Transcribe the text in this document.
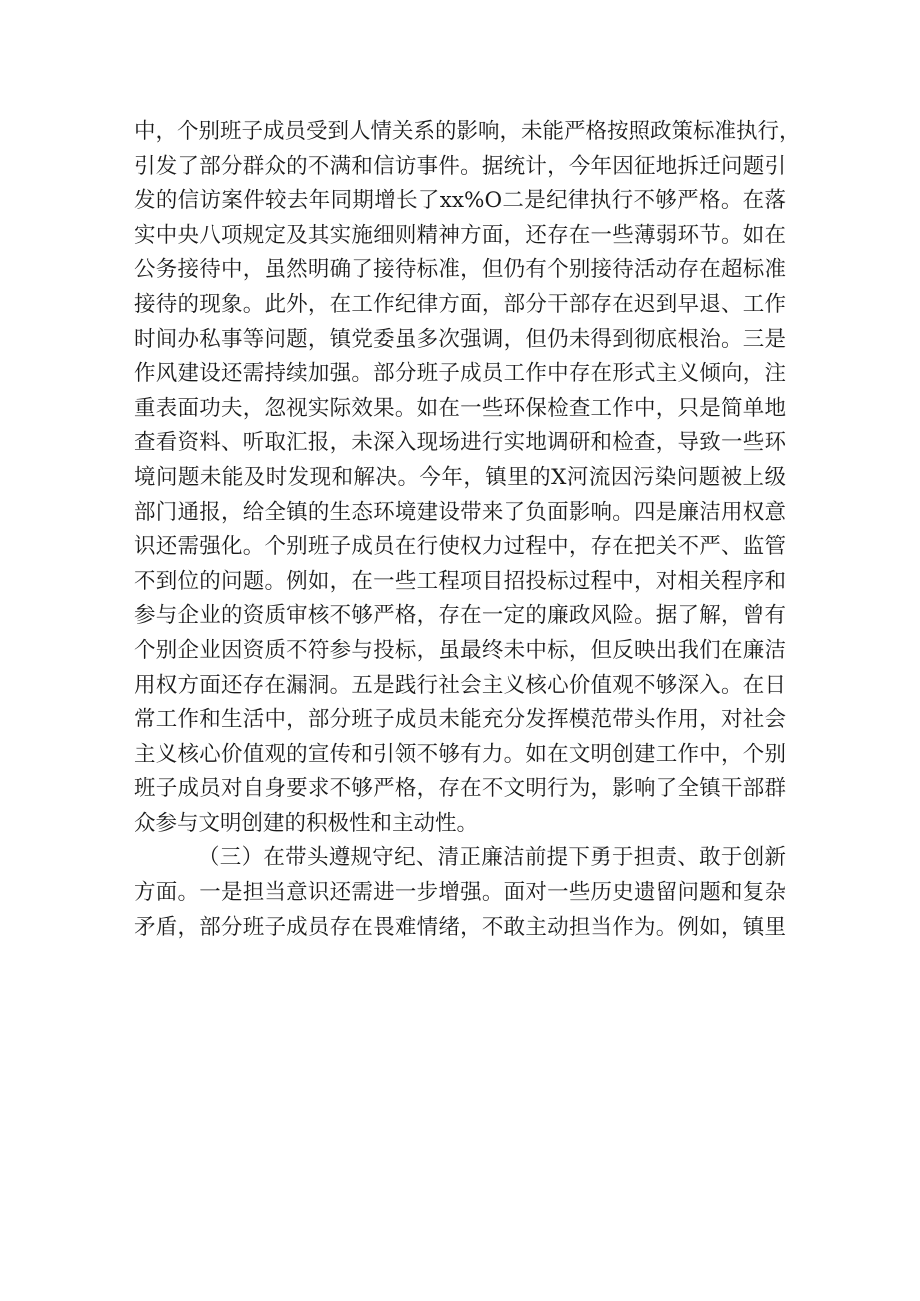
中，个别班子成员受到人情关系的影响，未能严格按照政策标准执行，
引发了部分群众的不满和信访事件。据统计，今年因征地拆迁问题引
发的信访案件较去年同期增长了xx%O二是纪律执行不够严格。在落
实中央八项规定及其实施细则精神方面，还存在一些薄弱环节。如在
公务接待中，虽然明确了接待标准，但仍有个别接待活动存在超标准
接待的现象。此外，在工作纪律方面，部分干部存在迟到早退、工作
时间办私事等问题，镇党委虽多次强调，但仍未得到彻底根治。三是
作风建设还需持续加强。部分班子成员工作中存在形式主义倾向，注
重表面功夫，忽视实际效果。如在一些环保检查工作中，只是简单地
查看资料、听取汇报，未深入现场进行实地调研和检查，导致一些环
境问题未能及时发现和解决。今年，镇里的X河流因污染问题被上级
部门通报，给全镇的生态环境建设带来了负面影响。四是廉洁用权意
识还需强化。个别班子成员在行使权力过程中，存在把关不严、监管
不到位的问题。例如，在一些工程项目招投标过程中，对相关程序和
参与企业的资质审核不够严格，存在一定的廉政风险。据了解，曾有
个别企业因资质不符参与投标，虽最终未中标，但反映出我们在廉洁
用权方面还存在漏洞。五是践行社会主义核心价值观不够深入。在日
常工作和生活中，部分班子成员未能充分发挥模范带头作用，对社会
主义核心价值观的宣传和引领不够有力。如在文明创建工作中，个别
班子成员对自身要求不够严格，存在不文明行为，影响了全镇干部群
众参与文明创建的积极性和主动性。
（三）在带头遵规守纪、清正廉洁前提下勇于担责、敢于创新
方面。一是担当意识还需进一步增强。面对一些历史遗留问题和复杂
矛盾，部分班子成员存在畏难情绪，不敢主动担当作为。例如，镇里
